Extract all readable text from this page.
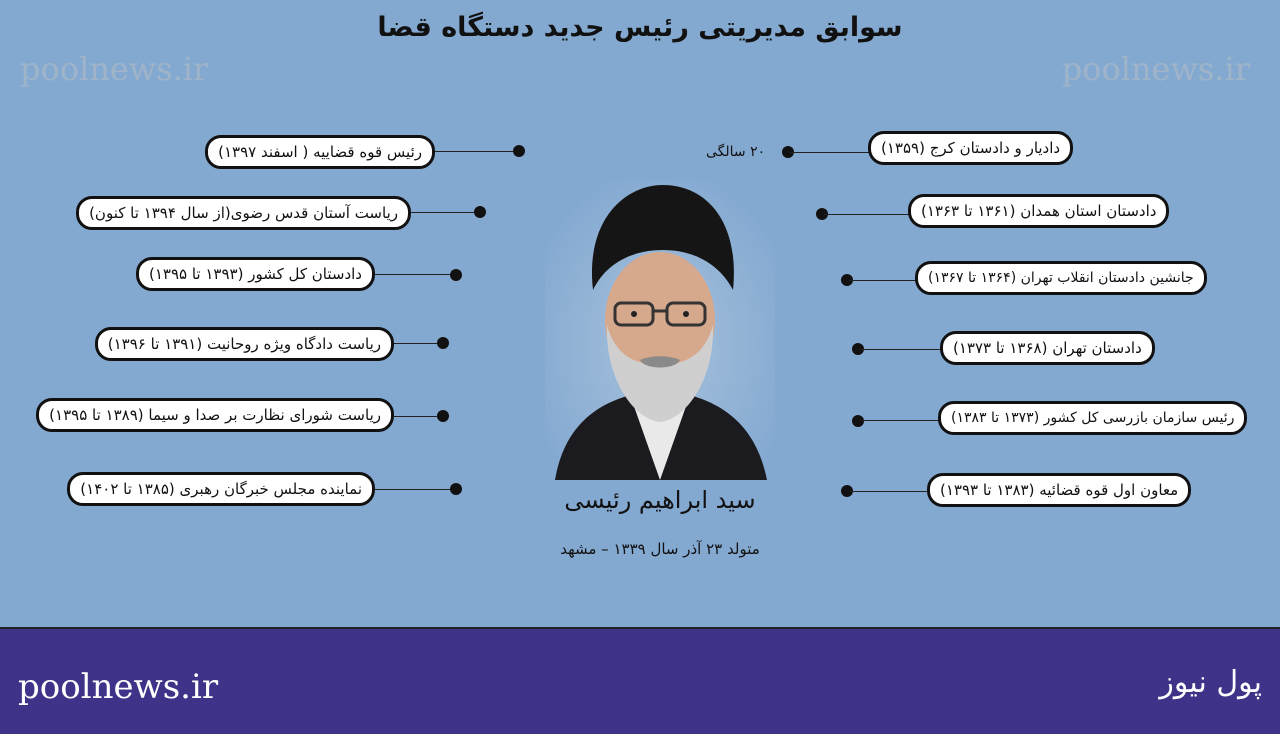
سوابق مدیریتی رئیس جدید دستگاه قضا
poolnews.ir	poolnews.ir
رئیس قوه قضاییه ( اسفند ۱۳۹۷)
ریاست آستان قدس رضوی(از سال ۱۳۹۴ تا کنون)
دادستان کل کشور (۱۳۹۳ تا ۱۳۹۵)
ریاست دادگاه ویژه روحانیت (۱۳۹۱ تا ۱۳۹۶)
ریاست شورای نظارت بر صدا و سیما (۱۳۸۹ تا ۱۳۹۵)
نماینده مجلس خبرگان رهبری (۱۳۸۵ تا ۱۴۰۲)
۲۰ سالگی	دادیار و دادستان کرج (۱۳۵۹)
دادستان استان همدان (۱۳۶۱ تا ۱۳۶۳)
جانشین دادستان انقلاب تهران (۱۳۶۴ تا ۱۳۶۷)
دادستان تهران (۱۳۶۸ تا ۱۳۷۳)
رئیس سازمان بازرسی کل کشور (۱۳۷۳ تا ۱۳۸۳)
معاون اول قوه قضائیه (۱۳۸۳ تا ۱۳۹۳)
سید ابراهیم رئیسی
متولد ۲۳ آذر سال ۱۳۳۹ – مشهد
poolnews.ir	پول نیوز
